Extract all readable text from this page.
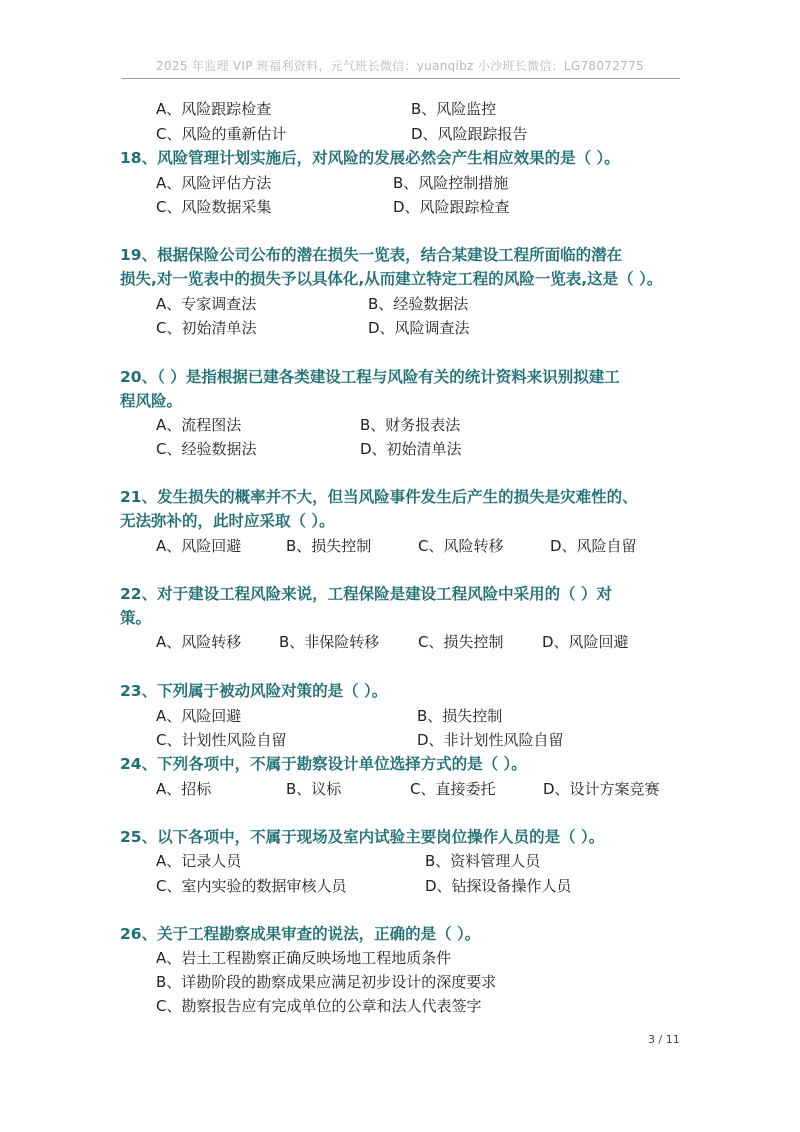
2025 年监理 VIP 班福利资料，元气班长微信：yuanqibz 小沙班长微信：LG78072775
A、风险跟踪检查	B、风险监控
C、风险的重新估计	D、风险跟踪报告
18、风险管理计划实施后，对风险的发展必然会产生相应效果的是（ ）。
A、风险评估方法	B、风险控制措施
C、风险数据采集	D、风险跟踪检查
19、根据保险公司公布的潜在损失一览表，结合某建设工程所面临的潜在
损失,对一览表中的损失予以具体化,从而建立特定工程的风险一览表,这是（ ）。
A、专家调查法	B、经验数据法
C、初始清单法	D、风险调查法
20、（ ）是指根据已建各类建设工程与风险有关的统计资料来识别拟建工
程风险。
A、流程图法	B、财务报表法
C、经验数据法	D、初始清单法
21、发生损失的概率并不大，但当风险事件发生后产生的损失是灾难性的、
无法弥补的，此时应采取（ ）。
A、风险回避	B、损失控制	C、风险转移	D、风险自留
22、对于建设工程风险来说，工程保险是建设工程风险中采用的（ ）对
策。
A、风险转移	B、非保险转移	C、损失控制	D、风险回避
23、下列属于被动风险对策的是（ ）。
A、风险回避	B、损失控制
C、计划性风险自留	D、非计划性风险自留
24、下列各项中，不属于勘察设计单位选择方式的是（ ）。
A、招标	B、议标	C、直接委托	D、设计方案竞赛
25、以下各项中，不属于现场及室内试验主要岗位操作人员的是（ ）。
A、记录人员	B、资料管理人员
C、室内实验的数据审核人员	D、钻探设备操作人员
26、关于工程勘察成果审查的说法，正确的是（ ）。
A、岩土工程勘察正确反映场地工程地质条件
B、详勘阶段的勘察成果应满足初步设计的深度要求
C、勘察报告应有完成单位的公章和法人代表签字
3 / 11
